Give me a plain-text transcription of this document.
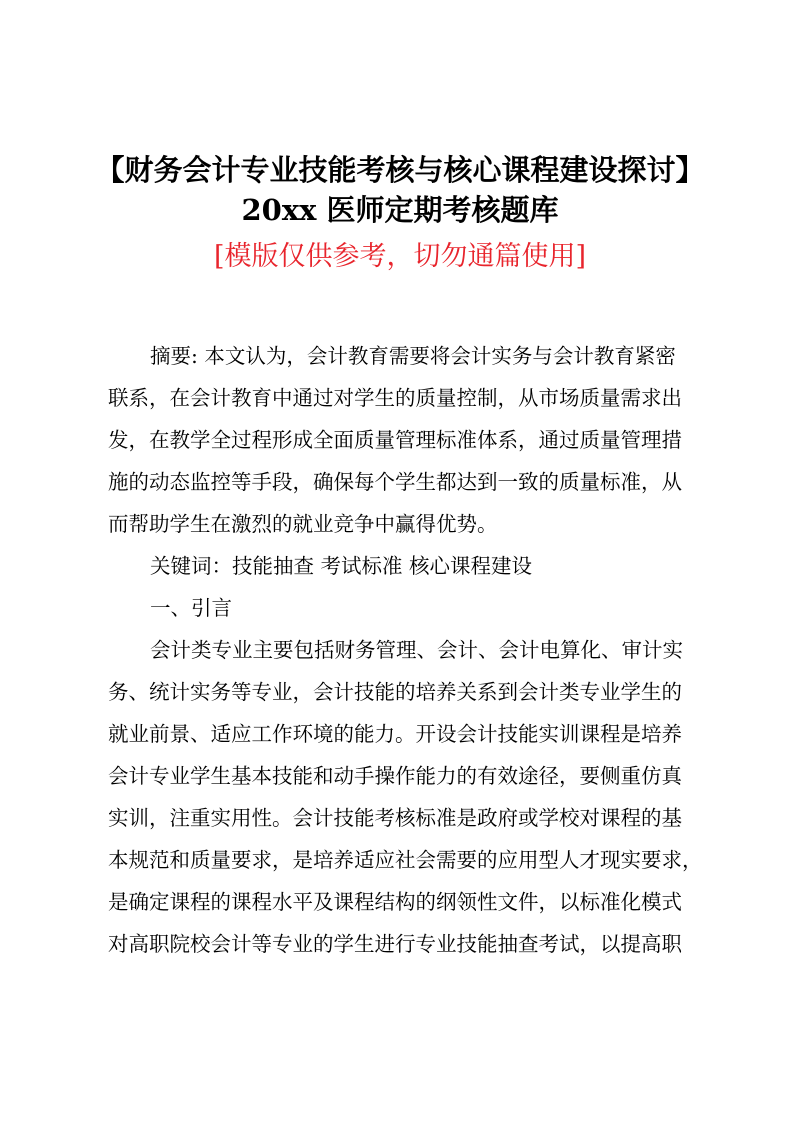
【财务会计专业技能考核与核心课程建设探讨】
20xx 医师定期考核题库
[模版仅供参考，切勿通篇使用]
摘要: 本文认为，会计教育需要将会计实务与会计教育紧密
联系，在会计教育中通过对学生的质量控制，从市场质量需求出
发，在教学全过程形成全面质量管理标准体系，通过质量管理措
施的动态监控等手段，确保每个学生都达到一致的质量标准，从
而帮助学生在激烈的就业竞争中赢得优势。
关键词：技能抽查 考试标准 核心课程建设
一、引言
会计类专业主要包括财务管理、会计、会计电算化、审计实
务、统计实务等专业，会计技能的培养关系到会计类专业学生的
就业前景、适应工作环境的能力。开设会计技能实训课程是培养
会计专业学生基本技能和动手操作能力的有效途径，要侧重仿真
实训，注重实用性。会计技能考核标准是政府或学校对课程的基
本规范和质量要求，是培养适应社会需要的应用型人才现实要求，
是确定课程的课程水平及课程结构的纲领性文件，以标准化模式
对高职院校会计等专业的学生进行专业技能抽查考试，以提高职
